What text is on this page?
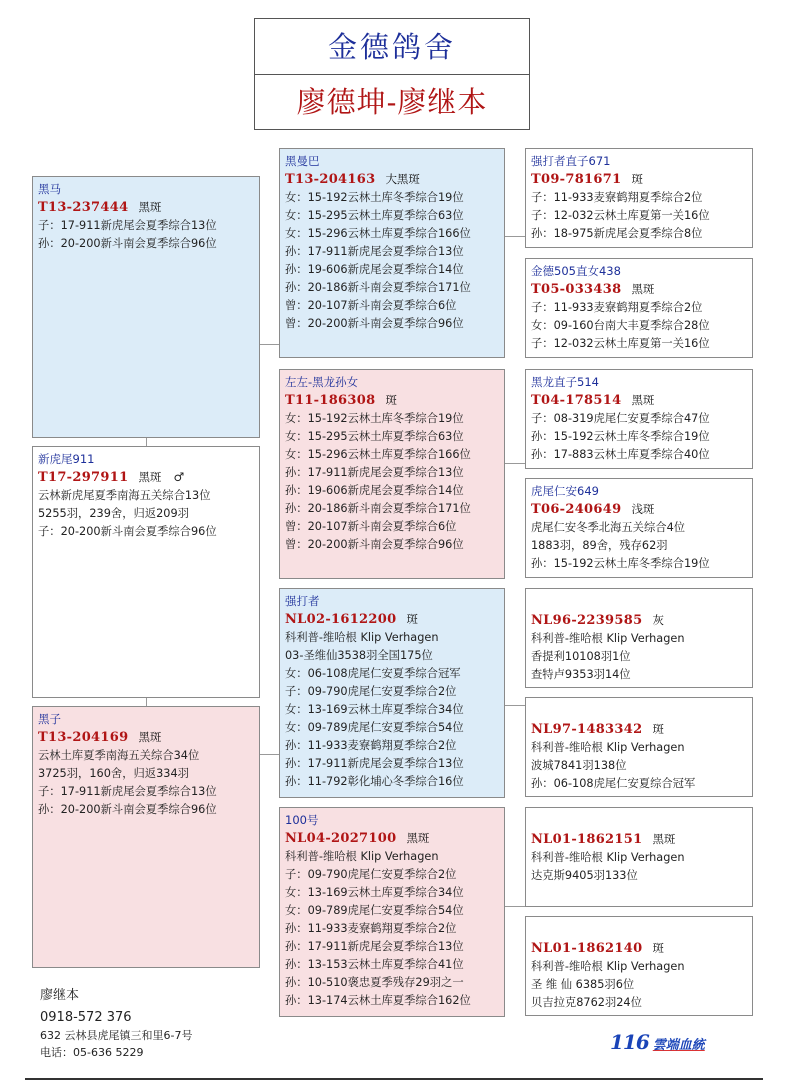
金德鸽舍
廖德坤-廖继本
黑马
T13-237444 黑斑
子：17-911新虎尾会夏季综合13位
孙：20-200新斗南会夏季综合96位
新虎尾911
T17-297911 黑斑 ♂
云林新虎尾夏季南海五关综合13位
5255羽，239舍，归返209羽
子：20-200新斗南会夏季综合96位
黑子
T13-204169 黑斑
云林土库夏季南海五关综合34位
3725羽，160舍，归返334羽
子：17-911新虎尾会夏季综合13位
孙：20-200新斗南会夏季综合96位
黑曼巴
T13-204163 大黑斑
女：15-192云林土库冬季综合19位
女：15-295云林土库夏季综合63位
女：15-296云林土库夏季综合166位
孙：17-911新虎尾会夏季综合13位
孙：19-606新虎尾会夏季综合14位
孙：20-186新斗南会夏季综合171位
曾：20-107新斗南会夏季综合6位
曾：20-200新斗南会夏季综合96位
左左-黑龙孙女
T11-186308 斑
女：15-192云林土库冬季综合19位
女：15-295云林土库夏季综合63位
女：15-296云林土库夏季综合166位
孙：17-911新虎尾会夏季综合13位
孙：19-606新虎尾会夏季综合14位
孙：20-186新斗南会夏季综合171位
曾：20-107新斗南会夏季综合6位
曾：20-200新斗南会夏季综合96位
强打者
NL02-1612200 斑
科利普-维哈根 Klip Verhagen
03-圣维仙3538羽全国175位
女：06-108虎尾仁安夏季综合冠军
子：09-790虎尾仁安夏季综合2位
女：13-169云林土库夏季综合34位
女：09-789虎尾仁安夏季综合54位
孙：11-933麦寮鹤翔夏季综合2位
孙：17-911新虎尾会夏季综合13位
孙：11-792彰化埔心冬季综合16位
100号
NL04-2027100 黑斑
科利普-维哈根 Klip Verhagen
子：09-790虎尾仁安夏季综合2位
女：13-169云林土库夏季综合34位
女：09-789虎尾仁安夏季综合54位
孙：11-933麦寮鹤翔夏季综合2位
孙：17-911新虎尾会夏季综合13位
孙：13-153云林土库夏季综合41位
孙：10-510褒忠夏季残存29羽之一
孙：13-174云林土库夏季综合162位
强打者直子671
T09-781671 斑
子：11-933麦寮鹤翔夏季综合2位
子：12-032云林土库夏第一关16位
孙：18-975新虎尾会夏季综合8位
金德505直女438
T05-033438 黑斑
子：11-933麦寮鹤翔夏季综合2位
女：09-160台南大丰夏季综合28位
子：12-032云林土库夏第一关16位
黑龙直子514
T04-178514 黑斑
子：08-319虎尾仁安夏季综合47位
孙：15-192云林土库冬季综合19位
孙：17-883云林土库夏季综合40位
虎尾仁安649
T06-240649 浅斑
虎尾仁安冬季北海五关综合4位
1883羽，89舍，残存62羽
孙：15-192云林土库冬季综合19位
NL96-2239585 灰
科利普-维哈根 Klip Verhagen
香提利10108羽1位
查特卢9353羽14位
NL97-1483342 斑
科利普-维哈根 Klip Verhagen
波城7841羽138位
孙：06-108虎尾仁安夏综合冠军
NL01-1862151 黑斑
科利普-维哈根 Klip Verhagen
达克斯9405羽133位
NL01-1862140 斑
科利普-维哈根 Klip Verhagen
圣 维 仙 6385羽6位
贝吉拉克8762羽24位
廖继本
0918-572 376
632 云林县虎尾镇三和里6-7号
电话：05-636 5229	116 雲端血統
